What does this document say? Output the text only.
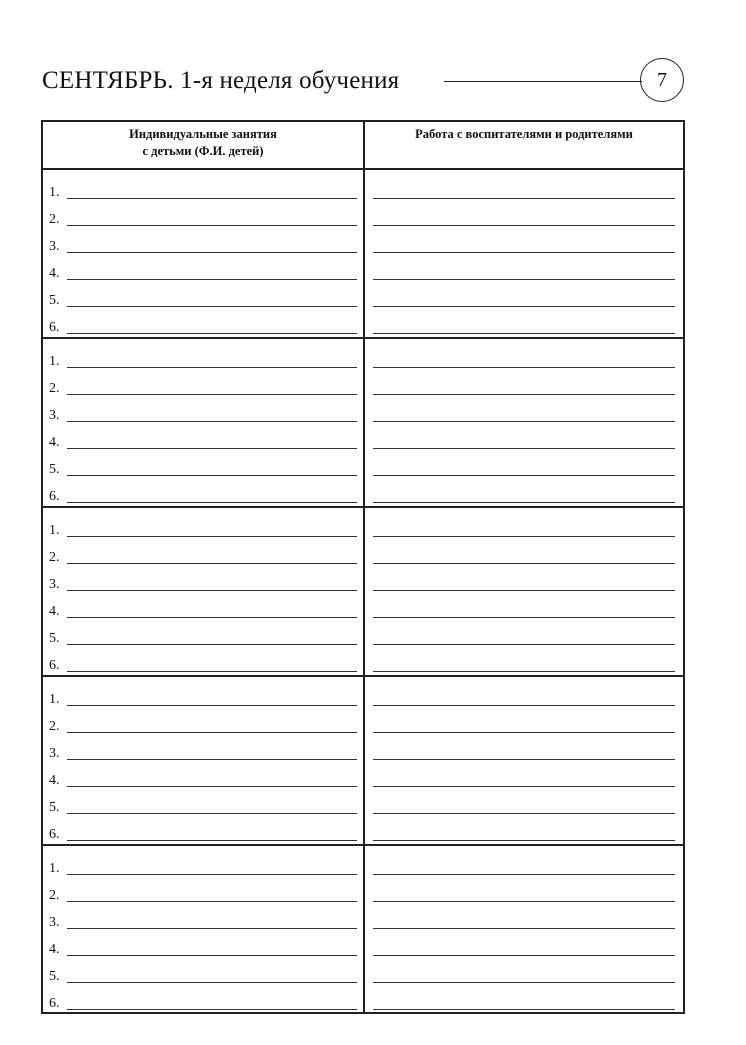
СЕНТЯБРЬ. 1-я неделя обучения	7
Индивидуальные занятия
с детьми (Ф.И. детей)
Работа с воспитателями и родителями
1.
2.
3.
4.
5.
6.
1.
2.
3.
4.
5.
6.
1.
2.
3.
4.
5.
6.
1.
2.
3.
4.
5.
6.
1.
2.
3.
4.
5.
6.
